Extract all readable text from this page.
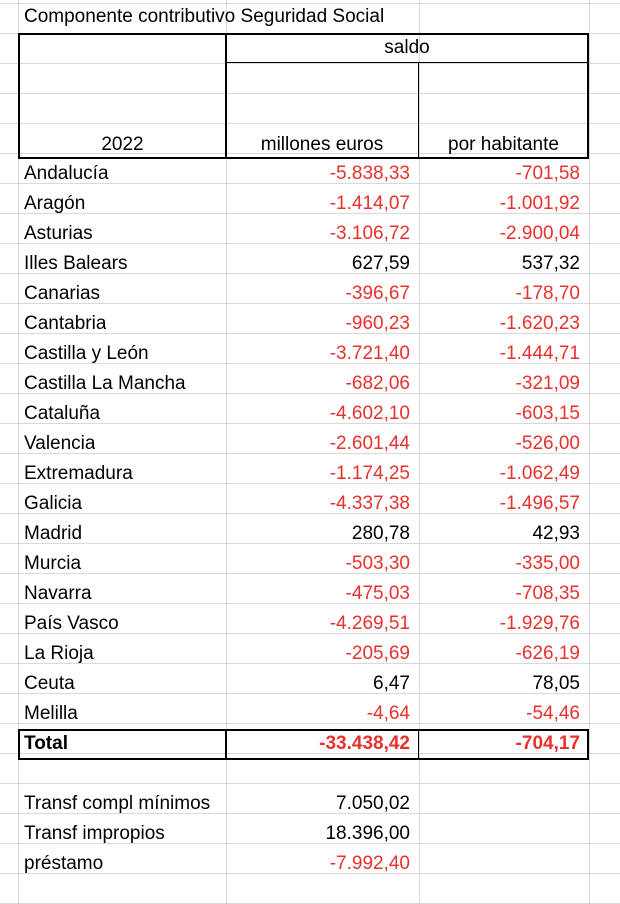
Componente contributivo Seguridad Social
saldo
2022	millones euros	por habitante
Andalucía	-5.838,33	-701,58
Aragón	-1.414,07	-1.001,92
Asturias	-3.106,72	-2.900,04
Illes Balears	627,59	537,32
Canarias	-396,67	-178,70
Cantabria	-960,23	-1.620,23
Castilla y León	-3.721,40	-1.444,71
Castilla La Mancha	-682,06	-321,09
Cataluña	-4.602,10	-603,15
Valencia	-2.601,44	-526,00
Extremadura	-1.174,25	-1.062,49
Galicia	-4.337,38	-1.496,57
Madrid	280,78	42,93
Murcia	-503,30	-335,00
Navarra	-475,03	-708,35
País Vasco	-4.269,51	-1.929,76
La Rioja	-205,69	-626,19
Ceuta	6,47	78,05
Melilla	-4,64	-54,46
Total	-33.438,42	-704,17
Transf compl mínimos	7.050,02
Transf impropios	18.396,00
préstamo	-7.992,40
